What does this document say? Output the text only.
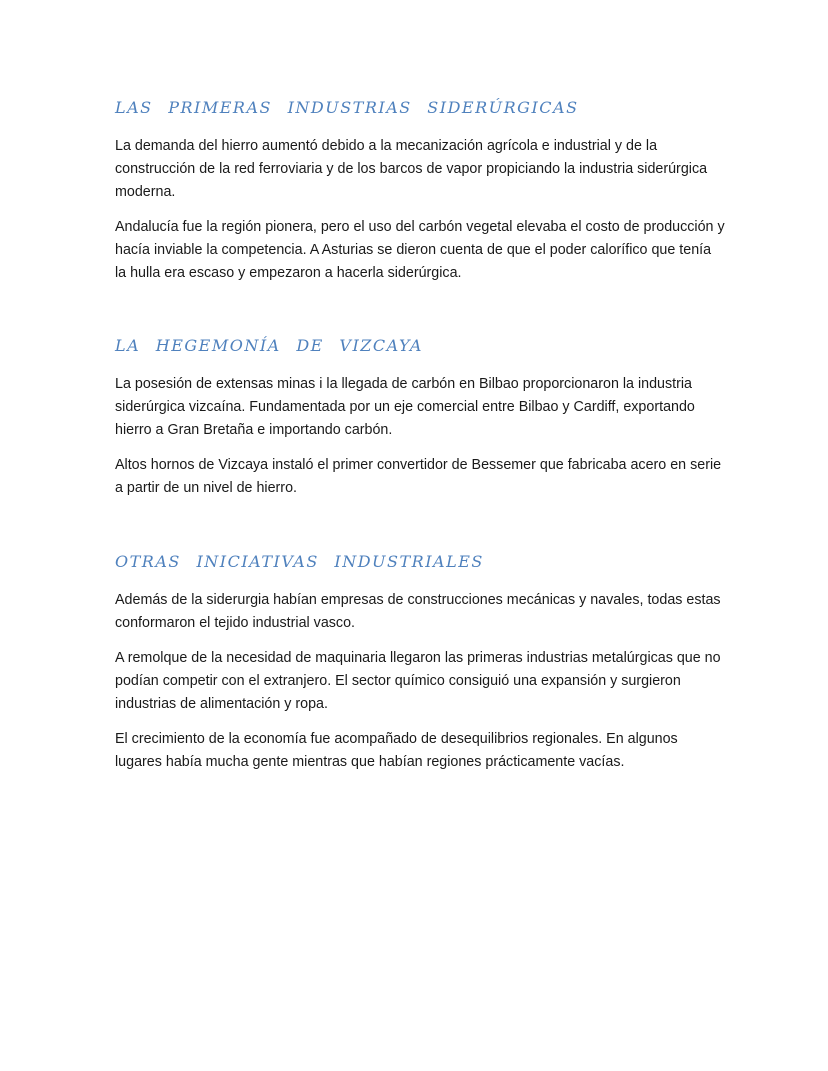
LAS PRIMERAS INDUSTRIAS SIDERÚRGICAS

La demanda del hierro aumentó debido a la mecanización agrícola e industrial y de la construcción de la red ferroviaria y de los barcos de vapor propiciando la industria siderúrgica moderna.

Andalucía fue la región pionera, pero el uso del carbón vegetal elevaba el costo de producción y hacía inviable la competencia. A Asturias se dieron cuenta de que el poder calorífico que tenía la hulla era escaso y empezaron a hacerla siderúrgica.

LA HEGEMONÍA DE VIZCAYA

La posesión de extensas minas i la llegada de carbón en Bilbao proporcionaron la industria siderúrgica vizcaína. Fundamentada por un eje comercial entre Bilbao y Cardiff, exportando hierro a Gran Bretaña e importando carbón.

Altos hornos de Vizcaya instaló el primer convertidor de Bessemer que fabricaba acero en serie a partir de un nivel de hierro.

OTRAS INICIATIVAS INDUSTRIALES

Además de la siderurgia habían empresas de construcciones mecánicas y navales, todas estas conformaron el tejido industrial vasco.

A remolque de la necesidad de maquinaria llegaron las primeras industrias metalúrgicas que no podían competir con el extranjero. El sector químico consiguió una expansión y surgieron industrias de alimentación y ropa.

El crecimiento de la economía fue acompañado de desequilibrios regionales. En algunos lugares había mucha gente mientras que habían regiones prácticamente vacías.
